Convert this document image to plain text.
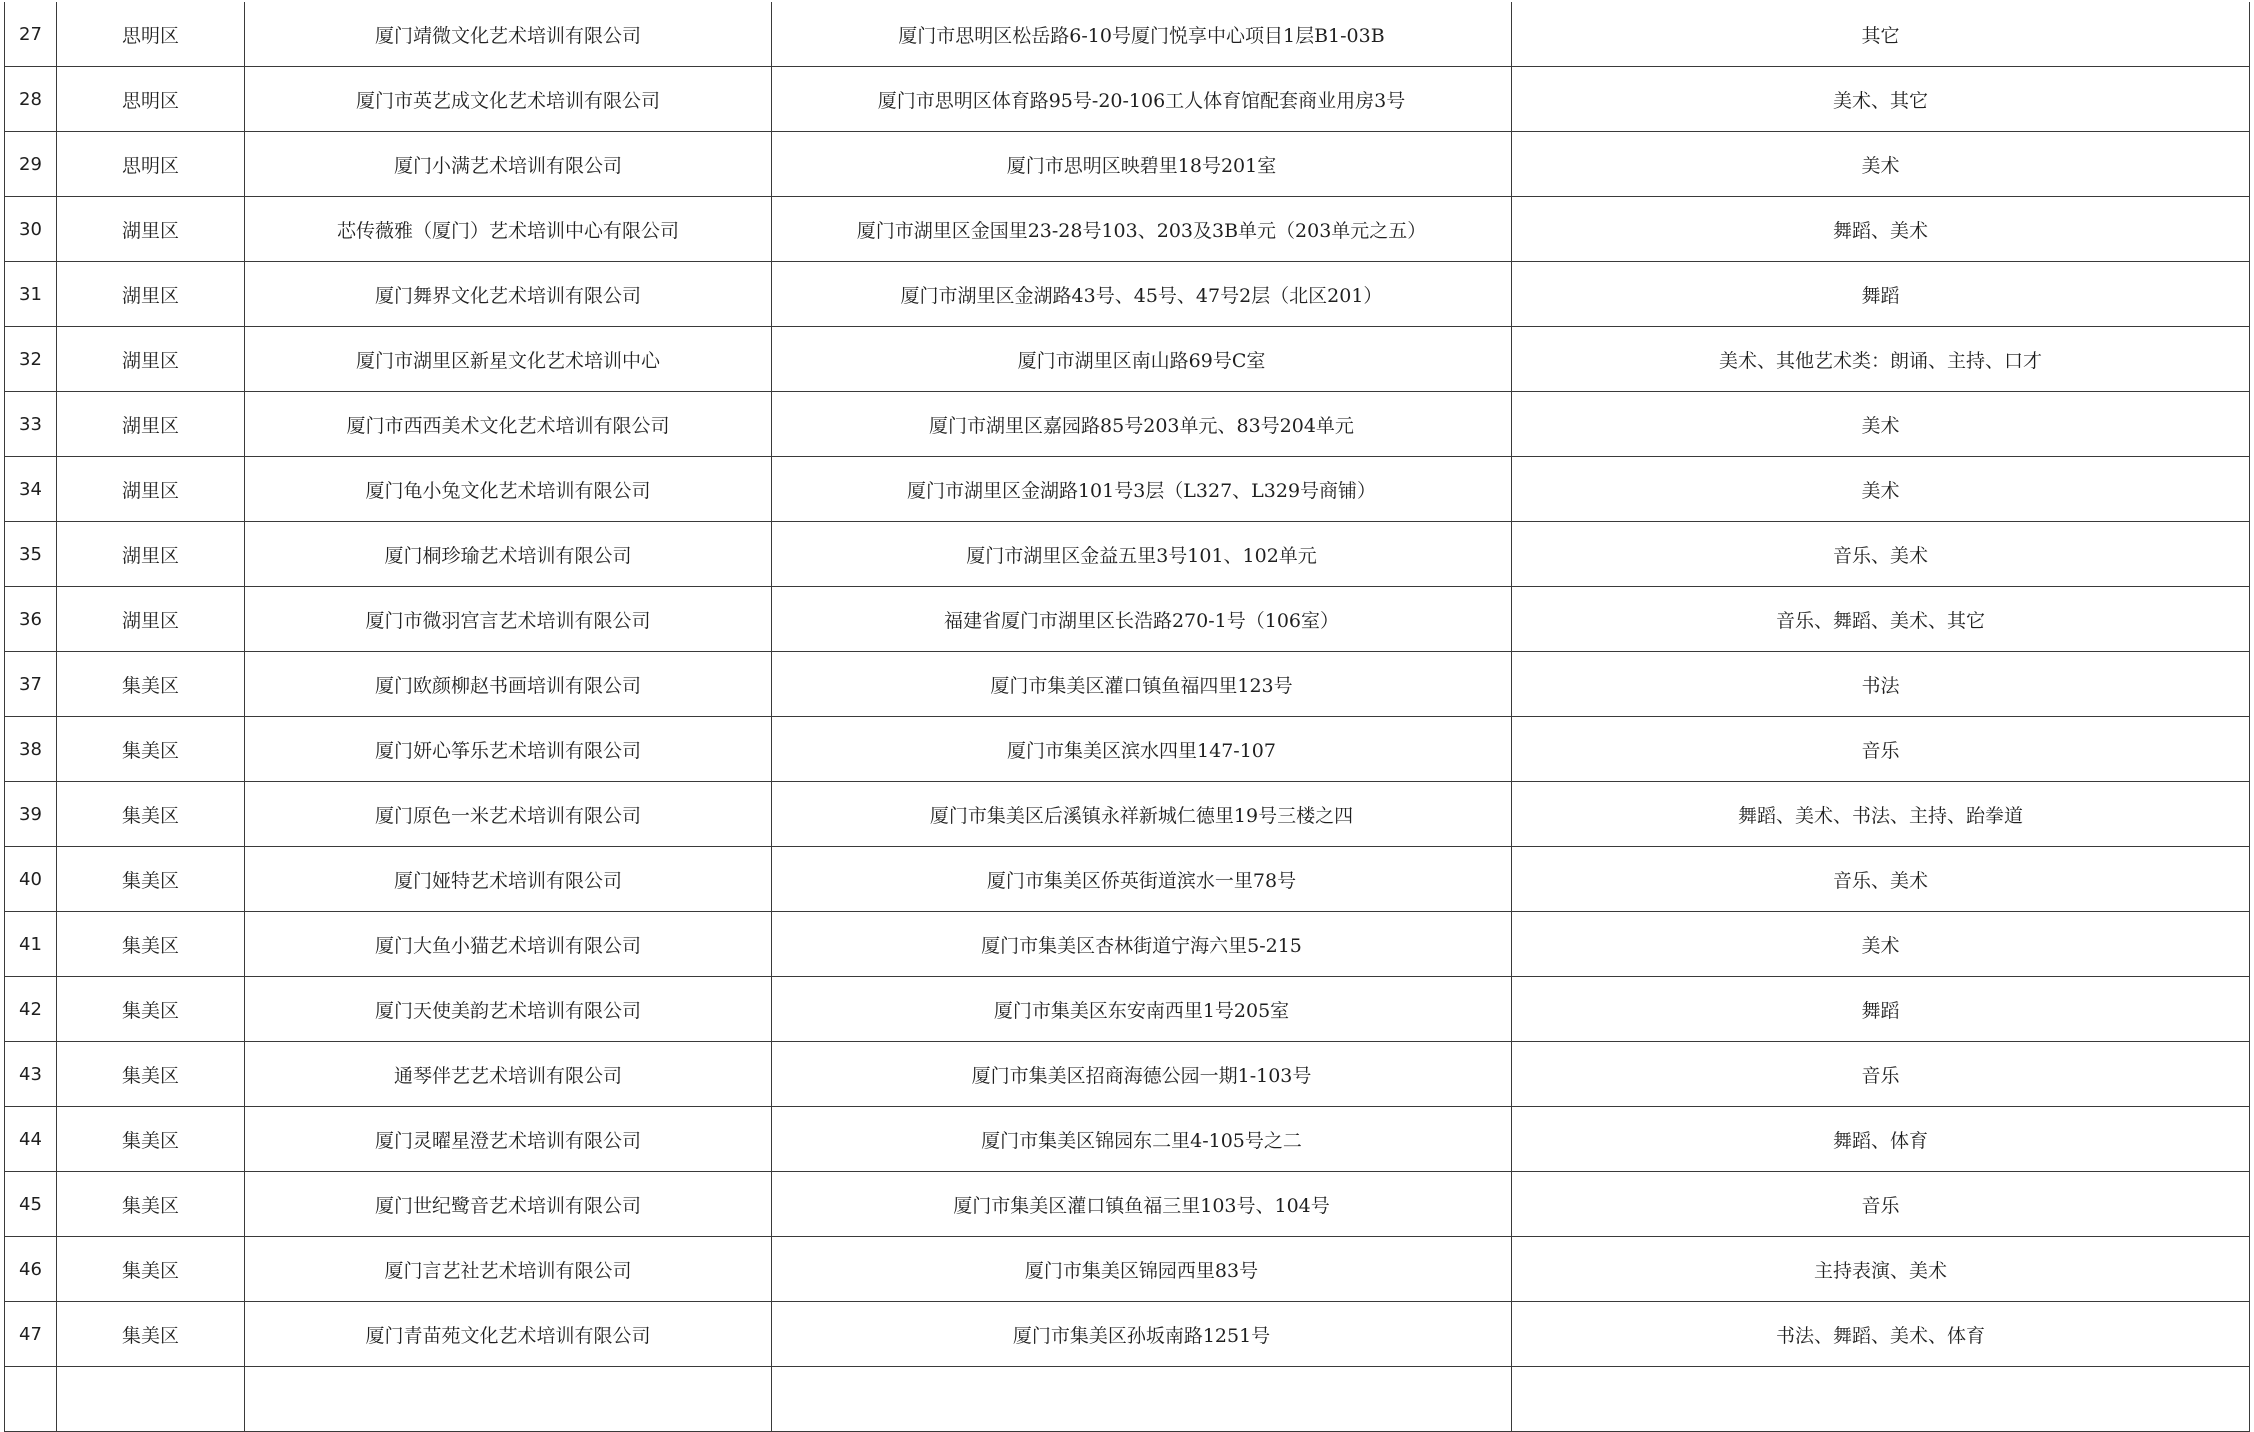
27	思明区	厦门靖微文化艺术培训有限公司	厦门市思明区松岳路6-10号厦门悦享中心项目1层B1-03B	其它
28	思明区	厦门市英艺成文化艺术培训有限公司	厦门市思明区体育路95号-20-106工人体育馆配套商业用房3号	美术、其它
29	思明区	厦门小满艺术培训有限公司	厦门市思明区映碧里18号201室	美术
30	湖里区	芯传薇雅（厦门）艺术培训中心有限公司	厦门市湖里区金国里23-28号103、203及3B单元（203单元之五）	舞蹈、美术
31	湖里区	厦门舞界文化艺术培训有限公司	厦门市湖里区金湖路43号、45号、47号2层（北区201）	舞蹈
32	湖里区	厦门市湖里区新星文化艺术培训中心	厦门市湖里区南山路69号C室	美术、其他艺术类：朗诵、主持、口才
33	湖里区	厦门市西西美术文化艺术培训有限公司	厦门市湖里区嘉园路85号203单元、83号204单元	美术
34	湖里区	厦门龟小兔文化艺术培训有限公司	厦门市湖里区金湖路101号3层（L327、L329号商铺）	美术
35	湖里区	厦门桐珍瑜艺术培训有限公司	厦门市湖里区金益五里3号101、102单元	音乐、美术
36	湖里区	厦门市微羽宫言艺术培训有限公司	福建省厦门市湖里区长浩路270-1号（106室）	音乐、舞蹈、美术、其它
37	集美区	厦门欧颜柳赵书画培训有限公司	厦门市集美区灌口镇鱼福四里123号	书法
38	集美区	厦门妍心筝乐艺术培训有限公司	厦门市集美区滨水四里147-107	音乐
39	集美区	厦门原色一米艺术培训有限公司	厦门市集美区后溪镇永祥新城仁德里19号三楼之四	舞蹈、美术、书法、主持、跆拳道
40	集美区	厦门娅特艺术培训有限公司	厦门市集美区侨英街道滨水一里78号	音乐、美术
41	集美区	厦门大鱼小猫艺术培训有限公司	厦门市集美区杏林街道宁海六里5-215	美术
42	集美区	厦门天使美韵艺术培训有限公司	厦门市集美区东安南西里1号205室	舞蹈
43	集美区	通琴伴艺艺术培训有限公司	厦门市集美区招商海德公园一期1-103号	音乐
44	集美区	厦门灵曜星澄艺术培训有限公司	厦门市集美区锦园东二里4-105号之二	舞蹈、体育
45	集美区	厦门世纪鹭音艺术培训有限公司	厦门市集美区灌口镇鱼福三里103号、104号	音乐
46	集美区	厦门言艺社艺术培训有限公司	厦门市集美区锦园西里83号	主持表演、美术
47	集美区	厦门青苗苑文化艺术培训有限公司	厦门市集美区孙坂南路1251号	书法、舞蹈、美术、体育
